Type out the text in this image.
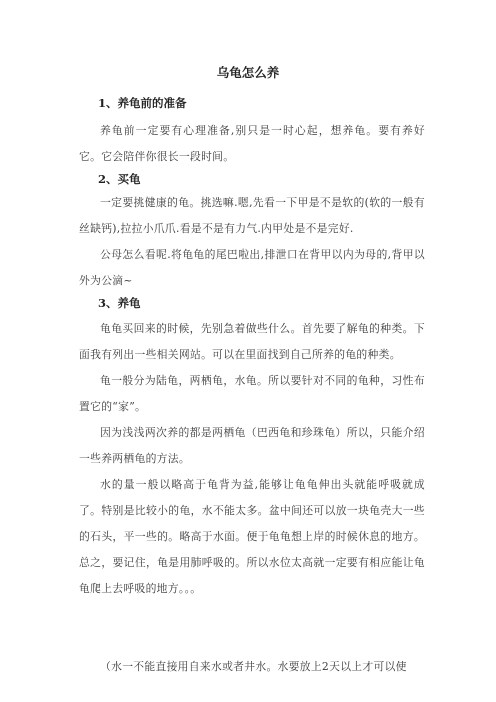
乌龟怎么养
1、养龟前的准备
养龟前一定要有心理准备,别只是一时心起，想养龟。要有养好它。它会陪伴你很长一段时间。
2、买龟
一定要挑健康的龟。挑选嘛.嗯,先看一下甲是不是软的(软的一般有丝缺钙),拉拉小爪爪.看是不是有力气.内甲处是不是完好.
公母怎么看呢.将龟龟的尾巴啦出,排泄口在背甲以内为母的,背甲以外为公滴~
3、养龟
龟龟买回来的时候，先别急着做些什么。首先要了解龟的种类。下面我有列出一些相关网站。可以在里面找到自己所养的龟的种类。
龟一般分为陆龟，两栖龟，水龟。所以要针对不同的龟种，习性布置它的“家”。
因为浅浅两次养的都是两栖龟（巴西龟和珍珠龟）所以，只能介绍一些养两栖龟的方法。
水的量一般以略高于龟背为益,能够让龟龟伸出头就能呼吸就成了。特别是比较小的龟，水不能太多。盆中间还可以放一块龟壳大一些的石头，平一些的。略高于水面。便于龟龟想上岸的时候休息的地方。总之，要记住，龟是用肺呼吸的。所以水位太高就一定要有相应能让龟龟爬上去呼吸的地方。。。
（水一不能直接用自来水或者井水。水要放上2天以上才可以使
